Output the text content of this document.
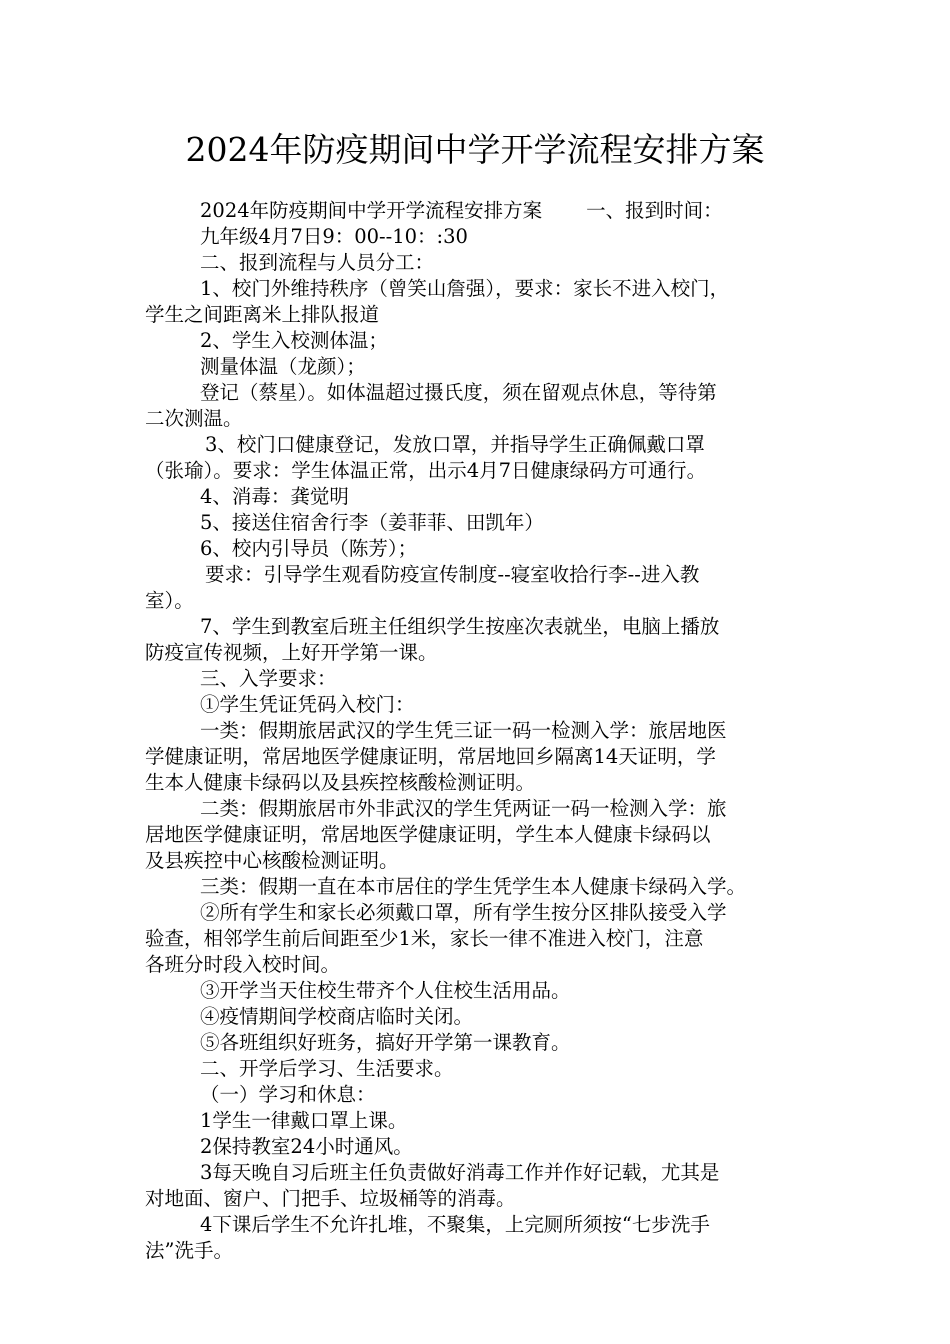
2024年防疫期间中学开学流程安排方案
2024年防疫期间中学开学流程安排方案 一、报到时间：
九年级4月7日9：00--10：:30
二、报到流程与人员分工：
1、校门外维持秩序（曾笑山詹强），要求：家长不进入校门，
学生之间距离米上排队报道
2、学生入校测体温；
测量体温（龙颜）；
登记（蔡星）。如体温超过摄氏度，须在留观点休息，等待第
二次测温。
3、校门口健康登记，发放口罩，并指导学生正确佩戴口罩
（张瑜）。要求：学生体温正常，出示4月7日健康绿码方可通行。
4、消毒：龚觉明
5、接送住宿舍行李（姜菲菲、田凯年）
6、校内引导员（陈芳）；
要求：引导学生观看防疫宣传制度--寝室收拾行李--进入教
室）。
7、学生到教室后班主任组织学生按座次表就坐，电脑上播放
防疫宣传视频，上好开学第一课。
三、入学要求：
①学生凭证凭码入校门：
一类：假期旅居武汉的学生凭三证一码一检测入学：旅居地医
学健康证明，常居地医学健康证明，常居地回乡隔离14天证明，学
生本人健康卡绿码以及县疾控核酸检测证明。
二类：假期旅居市外非武汉的学生凭两证一码一检测入学：旅
居地医学健康证明，常居地医学健康证明，学生本人健康卡绿码以
及县疾控中心核酸检测证明。
三类：假期一直在本市居住的学生凭学生本人健康卡绿码入学。
②所有学生和家长必须戴口罩，所有学生按分区排队接受入学
验查，相邻学生前后间距至少1米，家长一律不准进入校门，注意
各班分时段入校时间。
③开学当天住校生带齐个人住校生活用品。
④疫情期间学校商店临时关闭。
⑤各班组织好班务，搞好开学第一课教育。
二、开学后学习、生活要求。
（一）学习和休息：
1学生一律戴口罩上课。
2保持教室24小时通风。
3每天晚自习后班主任负责做好消毒工作并作好记载，尤其是
对地面、窗户、门把手、垃圾桶等的消毒。
4下课后学生不允许扎堆，不聚集，上完厕所须按“七步洗手
法”洗手。
